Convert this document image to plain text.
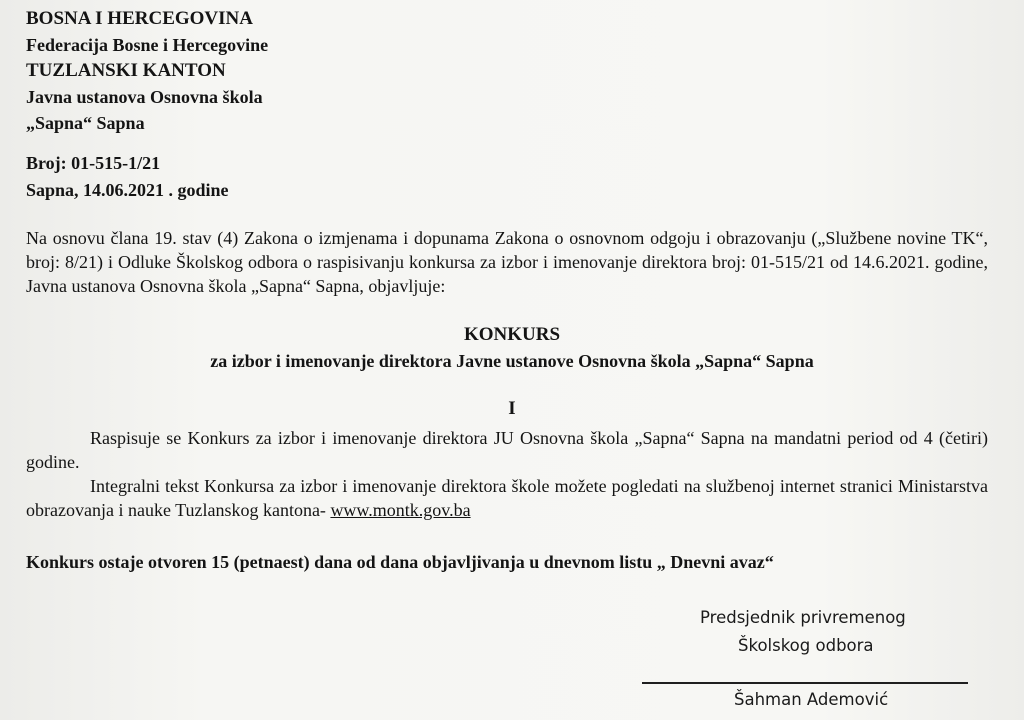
BOSNA I HERCEGOVINA
Federacija Bosne i Hercegovine
TUZLANSKI KANTON
Javna ustanova Osnovna škola
„Sapna“ Sapna
Broj: 01-515-1/21
Sapna, 14.06.2021 . godine
Na osnovu člana 19. stav (4) Zakona o izmjenama i dopunama Zakona o osnovnom odgoju i obrazovanju („Službene novine TK“, broj: 8/21) i Odluke Školskog odbora o raspisivanju konkursa za izbor i imenovanje direktora broj: 01-515/21 od 14.6.2021. godine, Javna ustanova Osnovna škola „Sapna“ Sapna, objavljuje:
KONKURS
za izbor i imenovanje direktora Javne ustanove Osnovna škola „Sapna“ Sapna
I
Raspisuje se Konkurs za izbor i imenovanje direktora JU Osnovna škola „Sapna“ Sapna na mandatni period od 4 (četiri) godine.
Integralni tekst Konkursa za izbor i imenovanje direktora škole možete pogledati na službenoj internet stranici Ministarstva obrazovanja i nauke Tuzlanskog kantona- www.montk.gov.ba
Konkurs ostaje otvoren 15 (petnaest) dana od dana objavljivanja u dnevnom listu „ Dnevni avaz“
Predsjednik privremenog
Školskog odbora
Šahman Ademović
